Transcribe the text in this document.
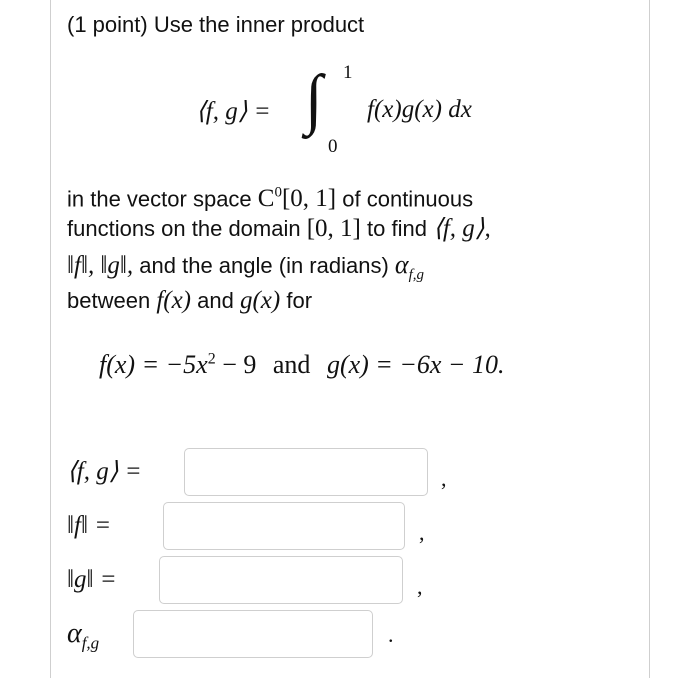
(1 point) Use the inner product
⟨f, g⟩ = ∫ 1
0
f(x)g(x) dx
in the vector space $C^0[0$, 1] of continuous
functions on the domain [0, 1] to find ⟨f, g⟩,
‖f‖, ‖g‖, and the angle (in radians) $\alpha_{f,g}$
between f(x) and g(x) for
$f(x) = -5x^2 - 9$ and g(x) = −6x − 10.
⟨f, g⟩ =	,
‖f‖ =	,
‖g‖ =	,
$\alpha_{f,g}$	.
